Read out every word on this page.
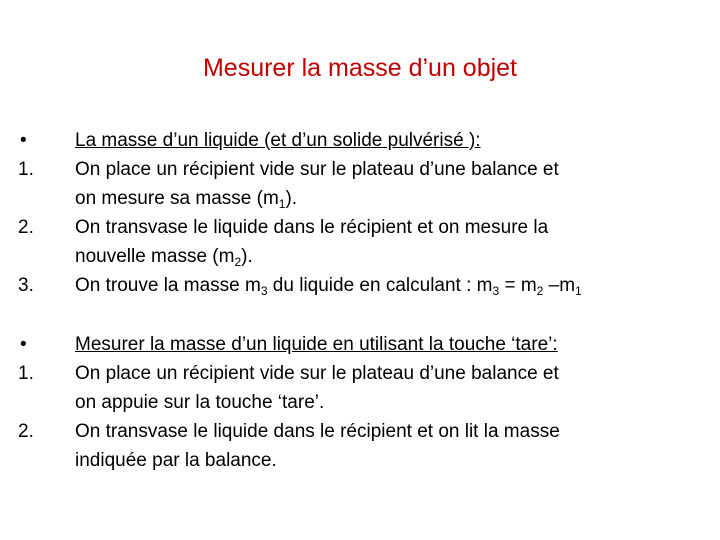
Mesurer la masse d’un objet
•	La masse d’un liquide (et d’un solide pulvérisé ):
1.	On place un récipient vide sur le plateau d’une balance et
on mesure sa masse $(m_1)$.
2.	On transvase le liquide dans le récipient et on mesure la
nouvelle masse $(m_2)$.
3.	On trouve la masse $m_3$ du liquide en calculant : $m_3 = m_2$ $-m_1$
•	Mesurer la masse d’un liquide en utilisant la touche ‘tare’:
1.	On place un récipient vide sur le plateau d’une balance et
on appuie sur la touche ‘tare’.
2.	On transvase le liquide dans le récipient et on lit la masse
indiquée par la balance.
